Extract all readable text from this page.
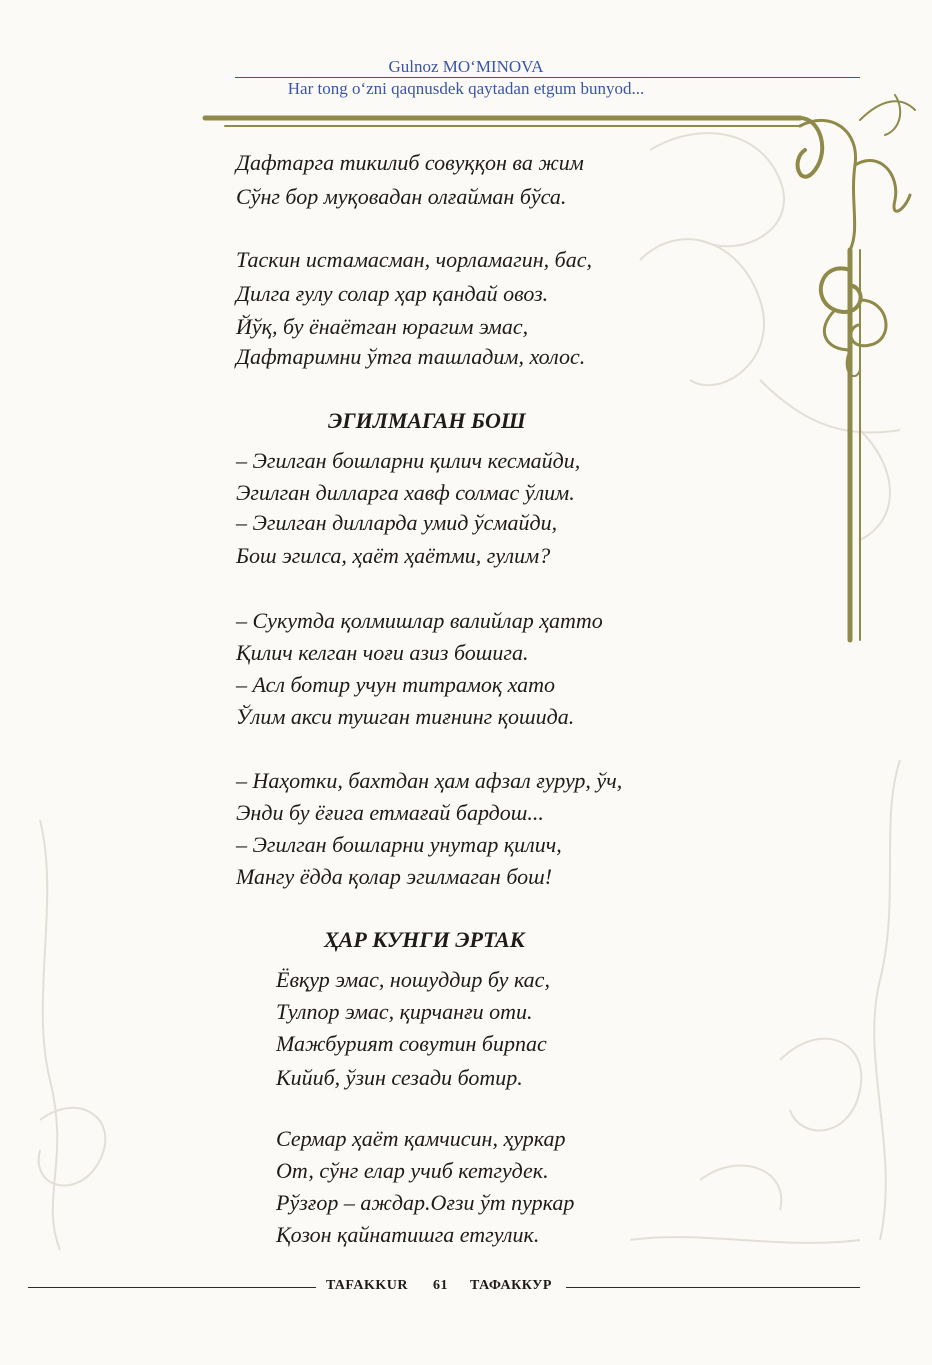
Gulnoz MOʻMINOVA
Har tong oʻzni qaqnusdek qaytadan etgum bunyod...
Дафтарга тикилиб совуққон ва жим
Сўнг бор муқовадан олғайман бўса.
Таскин истамасман, чорламагин, бас,
Дилга ғулу солар ҳар қандай овоз.
Йўқ, бу ёнаётган юрагим эмас,
Дафтаримни ўтга ташладим, холос.
ЭГИЛМАГАН БОШ
– Эгилган бошларни қилич кесмайди,
Эгилган дилларга хавф солмас ўлим.
– Эгилган дилларда умид ўсмайди,
Бош эгилса, ҳаёт ҳаётми, гулим?
– Сукутда қолмишлар валийлар ҳатто
Қилич келган чоғи азиз бошига.
– Асл ботир учун титрамоқ хато
Ўлим акси тушган тиғнинг қошида.
– Наҳотки, бахтдан ҳам афзал ғурур, ўч,
Энди бу ёғига етмағай бардош...
– Эгилган бошларни унутар қилич,
Мангу ёдда қолар эгилмаган бош!
ҲАР КУНГИ ЭРТАК
Ёвқур эмас, ношуддир бу кас,
Тулпор эмас, қирчанғи оти.
Мажбурият совутин бирпас
Кийиб, ўзин сезади ботир.
Сермар ҳаёт қамчисин, ҳуркар
От, сўнг елар учиб кетгудек.
Рўзғор – аждар.Оғзи ўт пуркар
Қозон қайнатишга етгулик.
TAFAKKUR 61 ТАФАККУР
